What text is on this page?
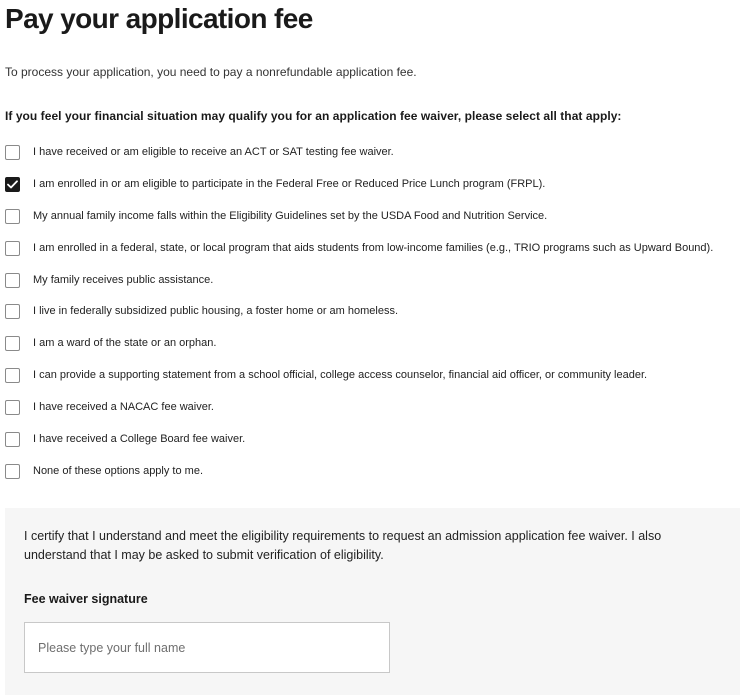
Pay your application fee
To process your application, you need to pay a nonrefundable application fee.
If you feel your financial situation may qualify you for an application fee waiver, please select all that apply:
I have received or am eligible to receive an ACT or SAT testing fee waiver.
I am enrolled in or am eligible to participate in the Federal Free or Reduced Price Lunch program (FRPL).
My annual family income falls within the Eligibility Guidelines set by the USDA Food and Nutrition Service.
I am enrolled in a federal, state, or local program that aids students from low-income families (e.g., TRIO programs such as Upward Bound).
My family receives public assistance.
I live in federally subsidized public housing, a foster home or am homeless.
I am a ward of the state or an orphan.
I can provide a supporting statement from a school official, college access counselor, financial aid officer, or community leader.
I have received a NACAC fee waiver.
I have received a College Board fee waiver.
None of these options apply to me.
I certify that I understand and meet the eligibility requirements to request an admission application fee waiver. I also understand that I may be asked to submit verification of eligibility.
Fee waiver signature
Please type your full name
